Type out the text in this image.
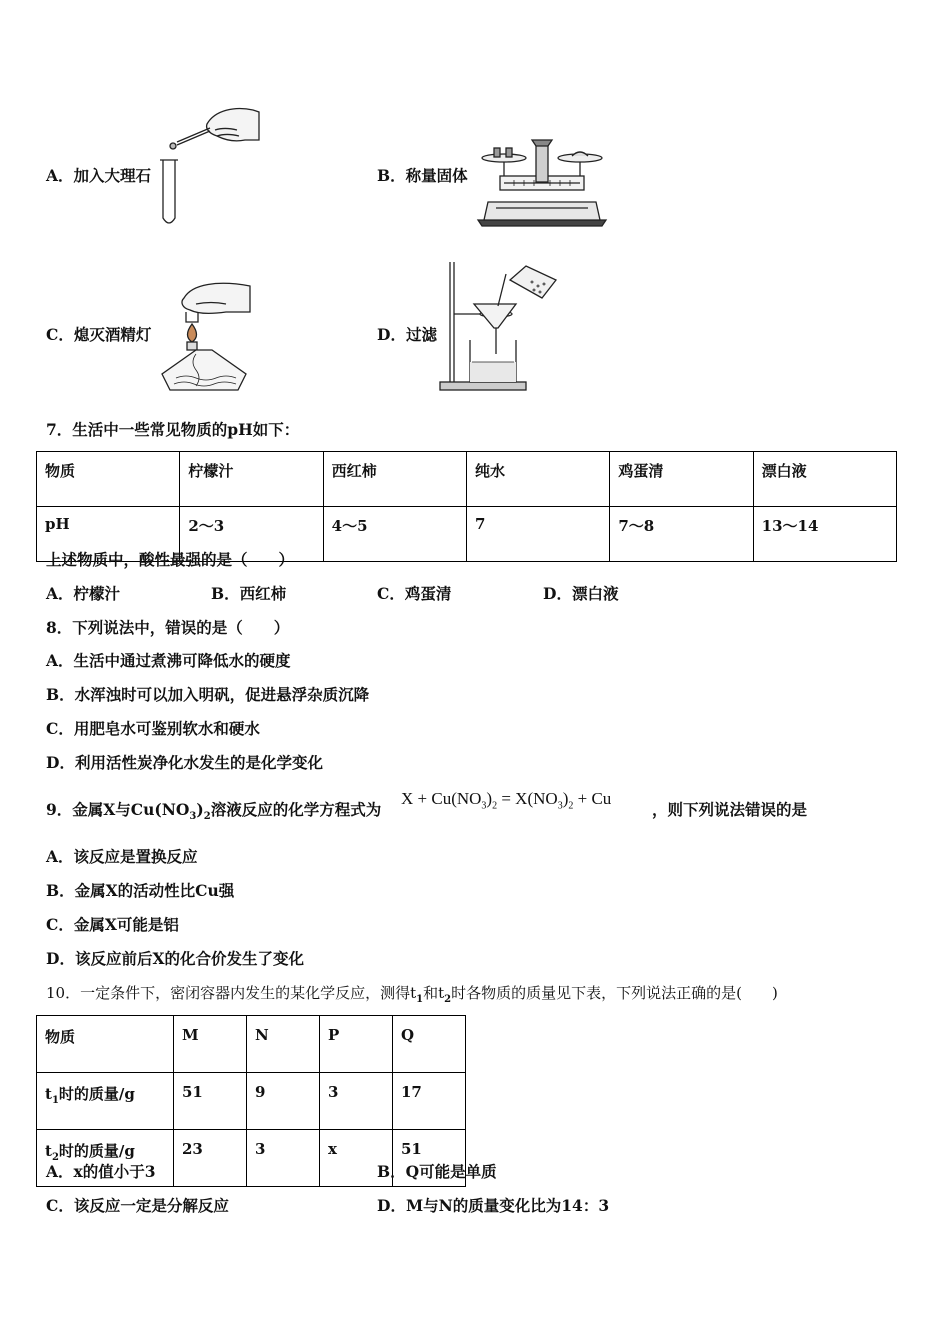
A．加入大理石	B．称量固体
C．熄灭酒精灯	D．过滤
7．生活中一些常见物质的pH如下：
物质	柠檬汁	西红柿	纯水	鸡蛋清	漂白液
pH	2～3	4～5	7	7～8	13～14
上述物质中，酸性最强的是（　　）
A．柠檬汁	B．西红柿	C．鸡蛋清	D．漂白液
8．下列说法中，错误的是（　　）
A．生活中通过煮沸可降低水的硬度
B．水浑浊时可以加入明矾，促进悬浮杂质沉降
C．用肥皂水可鉴别软水和硬水
D．利用活性炭净化水发生的是化学变化
9．金属X与$Cu(NO_3)_2$溶液反应的化学方程式为
$X + Cu(NO_3)_2 = X(NO_3)_2 + Cu$
，则下列说法错误的是
A．该反应是置换反应
B．金属X的活动性比Cu强
C．金属X可能是铝
D．该反应前后X的化合价发生了变化
10．一定条件下，密闭容器内发生的某化学反应，测得$t_1$和$t_2$时各物质的质量见下表，下列说法正确的是(　　)
物质	M	N	P	Q
$t_1$时的质量/g	51	9	3	17
$t_2$时的质量/g	23	3	x	51
A．x的值小于3	B．Q可能是单质
C．该反应一定是分解反应	D．M与N的质量变化比为14：3
